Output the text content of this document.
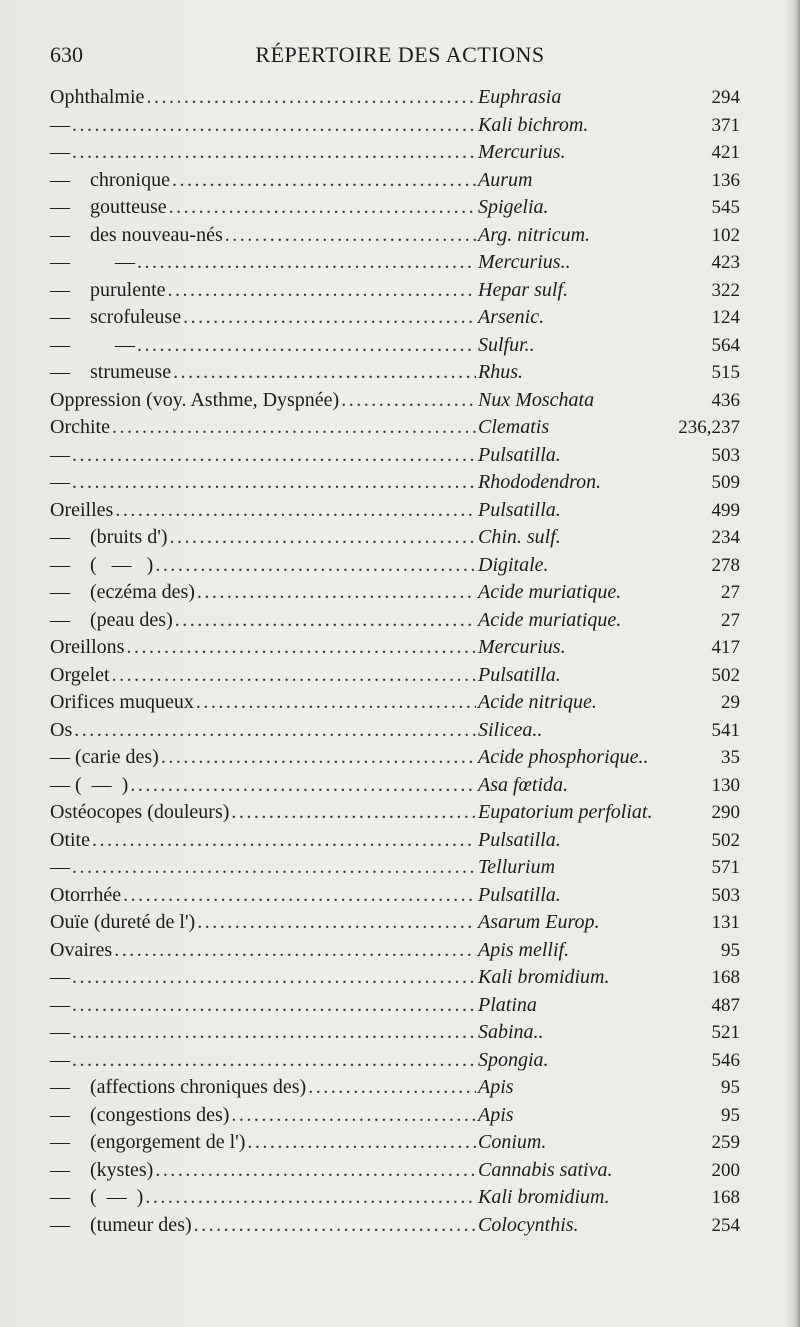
630	RÉPERTOIRE DES ACTIONS
Ophthalmie .....	Euphrasia	294
— .....	Kali bichrom.	371
— .....	Mercurius.	421
—    chronique .....	Aurum	136
—    goutteuse .....	Spigelia.	545
—    des nouveau-nés .....	Arg. nitricum.	102
—         — .....	Mercurius..	423
—    purulente .....	Hepar sulf.	322
—    scrofuleuse .....	Arsenic.	124
—         — .....	Sulfur..	564
—    strumeuse .....	Rhus.	515
Oppression (voy. Asthme, Dyspnée) .....	Nux Moschata	436
Orchite .....	Clematis	236,237
— .....	Pulsatilla.	503
— .....	Rhododendron.	509
Oreilles .....	Pulsatilla.	499
—    (bruits d') .....	Chin. sulf.	234
—    (   —   ) .....	Digitale.	278
—    (eczéma des) .....	Acide muriatique.	27
—    (peau des) .....	Acide muriatique.	27
Oreillons .....	Mercurius.	417
Orgelet .....	Pulsatilla.	502
Orifices muqueux .....	Acide nitrique.	29
Os .....	Silicea..	541
— (carie des) .....	Acide phosphorique..	35
— (  —  ) .....	Asa fœtida.	130
Ostéocopes (douleurs) .....	Eupatorium perfoliat.	290
Otite .....	Pulsatilla.	502
— .....	Tellurium	571
Otorrhée .....	Pulsatilla.	503
Ouïe (dureté de l') .....	Asarum Europ.	131
Ovaires .....	Apis mellif.	95
— .....	Kali bromidium.	168
— .....	Platina	487
— .....	Sabina..	521
— .....	Spongia.	546
—    (affections chroniques des) .....	Apis	95
—    (congestions des) .....	Apis	95
—    (engorgement de l') .....	Conium.	259
—    (kystes) .....	Cannabis sativa.	200
—    (  —  ) .....	Kali bromidium.	168
—    (tumeur des) .....	Colocynthis.	254
